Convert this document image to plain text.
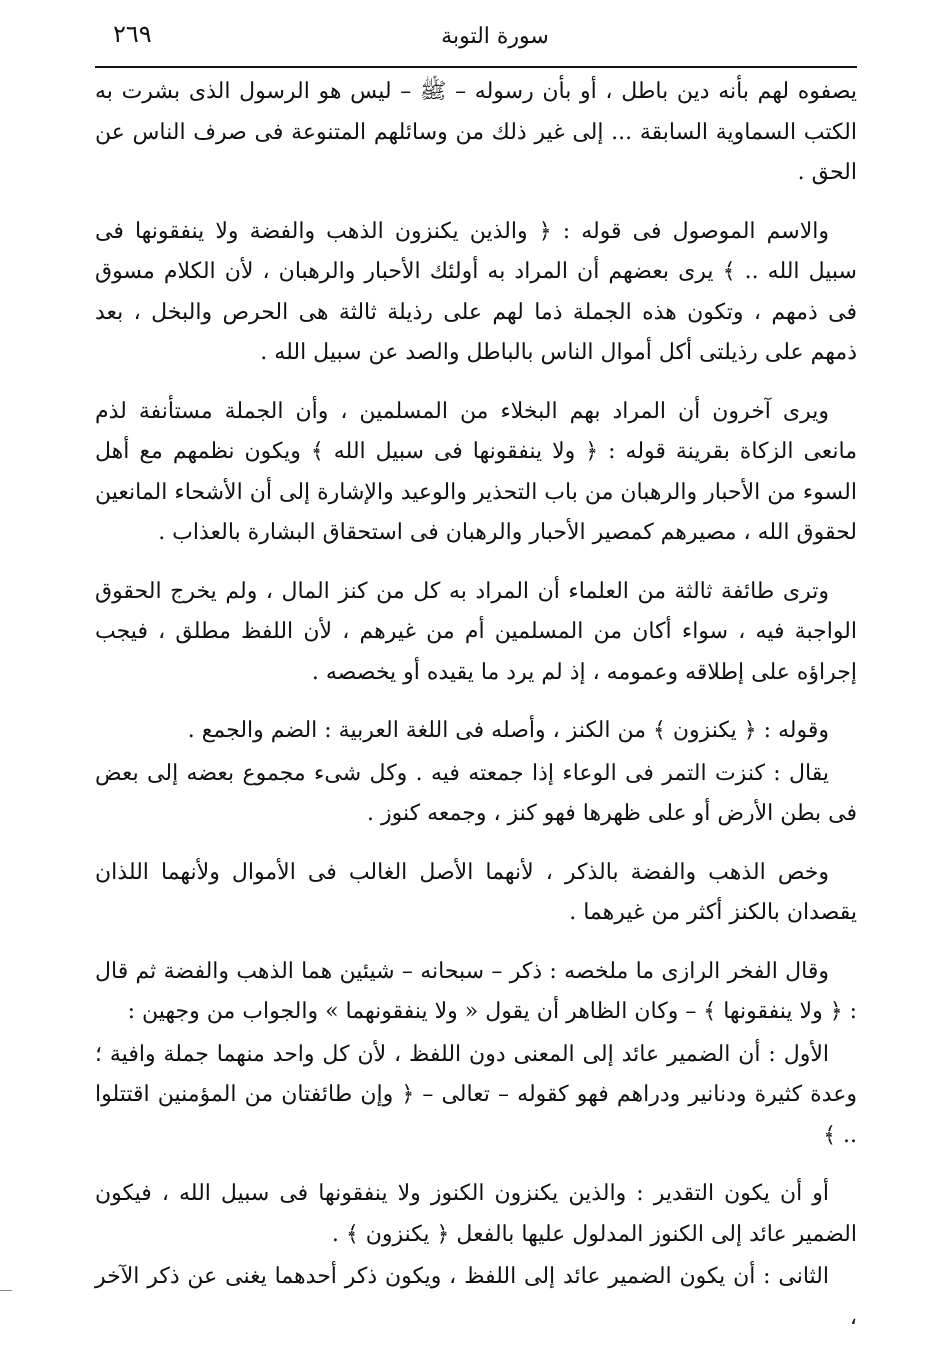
٢٦٩	سورة التوبة

يصفوه لهم بأنه دين باطل ، أو بأن رسوله – ﷺ – ليس هو الرسول الذى بشرت به الكتب السماوية السابقة ... إلى غير ذلك من وسائلهم المتنوعة فى صرف الناس عن الحق .

والاسم الموصول فى قوله : ﴿ والذين يكنزون الذهب والفضة ولا ينفقونها فى سبيل الله .. ﴾ يرى بعضهم أن المراد به أولئك الأحبار والرهبان ، لأن الكلام مسوق فى ذمهم ، وتكون هذه الجملة ذما لهم على رذيلة ثالثة هى الحرص والبخل ، بعد ذمهم على رذيلتى أكل أموال الناس بالباطل والصد عن سبيل الله .

ويرى آخرون أن المراد بهم البخلاء من المسلمين ، وأن الجملة مستأنفة لذم مانعى الزكاة بقرينة قوله : ﴿ ولا ينفقونها فى سبيل الله ﴾ ويكون نظمهم مع أهل السوء من الأحبار والرهبان من باب التحذير والوعيد والإشارة إلى أن الأشحاء المانعين لحقوق الله ، مصيرهم كمصير الأحبار والرهبان فى استحقاق البشارة بالعذاب .

وترى طائفة ثالثة من العلماء أن المراد به كل من كنز المال ، ولم يخرج الحقوق الواجبة فيه ، سواء أكان من المسلمين أم من غيرهم ، لأن اللفظ مطلق ، فيجب إجراؤه على إطلاقه وعمومه ، إذ لم يرد ما يقيده أو يخصصه .

وقوله : ﴿ يكنزون ﴾ من الكنز ، وأصله فى اللغة العربية : الضم والجمع .

يقال : كنزت التمر فى الوعاء إذا جمعته فيه . وكل شىء مجموع بعضه إلى بعض فى بطن الأرض أو على ظهرها فهو كنز ، وجمعه كنوز .

وخص الذهب والفضة بالذكر ، لأنهما الأصل الغالب فى الأموال ولأنهما اللذان يقصدان بالكنز أكثر من غيرهما .

وقال الفخر الرازى ما ملخصه : ذكر – سبحانه – شيئين هما الذهب والفضة ثم قال : ﴿ ولا ينفقونها ﴾ – وكان الظاهر أن يقول « ولا ينفقونهما » والجواب من وجهين :

الأول : أن الضمير عائد إلى المعنى دون اللفظ ، لأن كل واحد منهما جملة وافية ؛ وعدة كثيرة ودنانير ودراهم فهو كقوله – تعالى – ﴿ وإن طائفتان من المؤمنين اقتتلوا .. ﴾

أو أن يكون التقدير : والذين يكنزون الكنوز ولا ينفقونها فى سبيل الله ، فيكون الضمير عائد إلى الكنوز المدلول عليها بالفعل ﴿ يكنزون ﴾ .

الثانى : أن يكون الضمير عائد إلى اللفظ ، ويكون ذكر أحدهما يغنى عن ذكر الآخر ،
